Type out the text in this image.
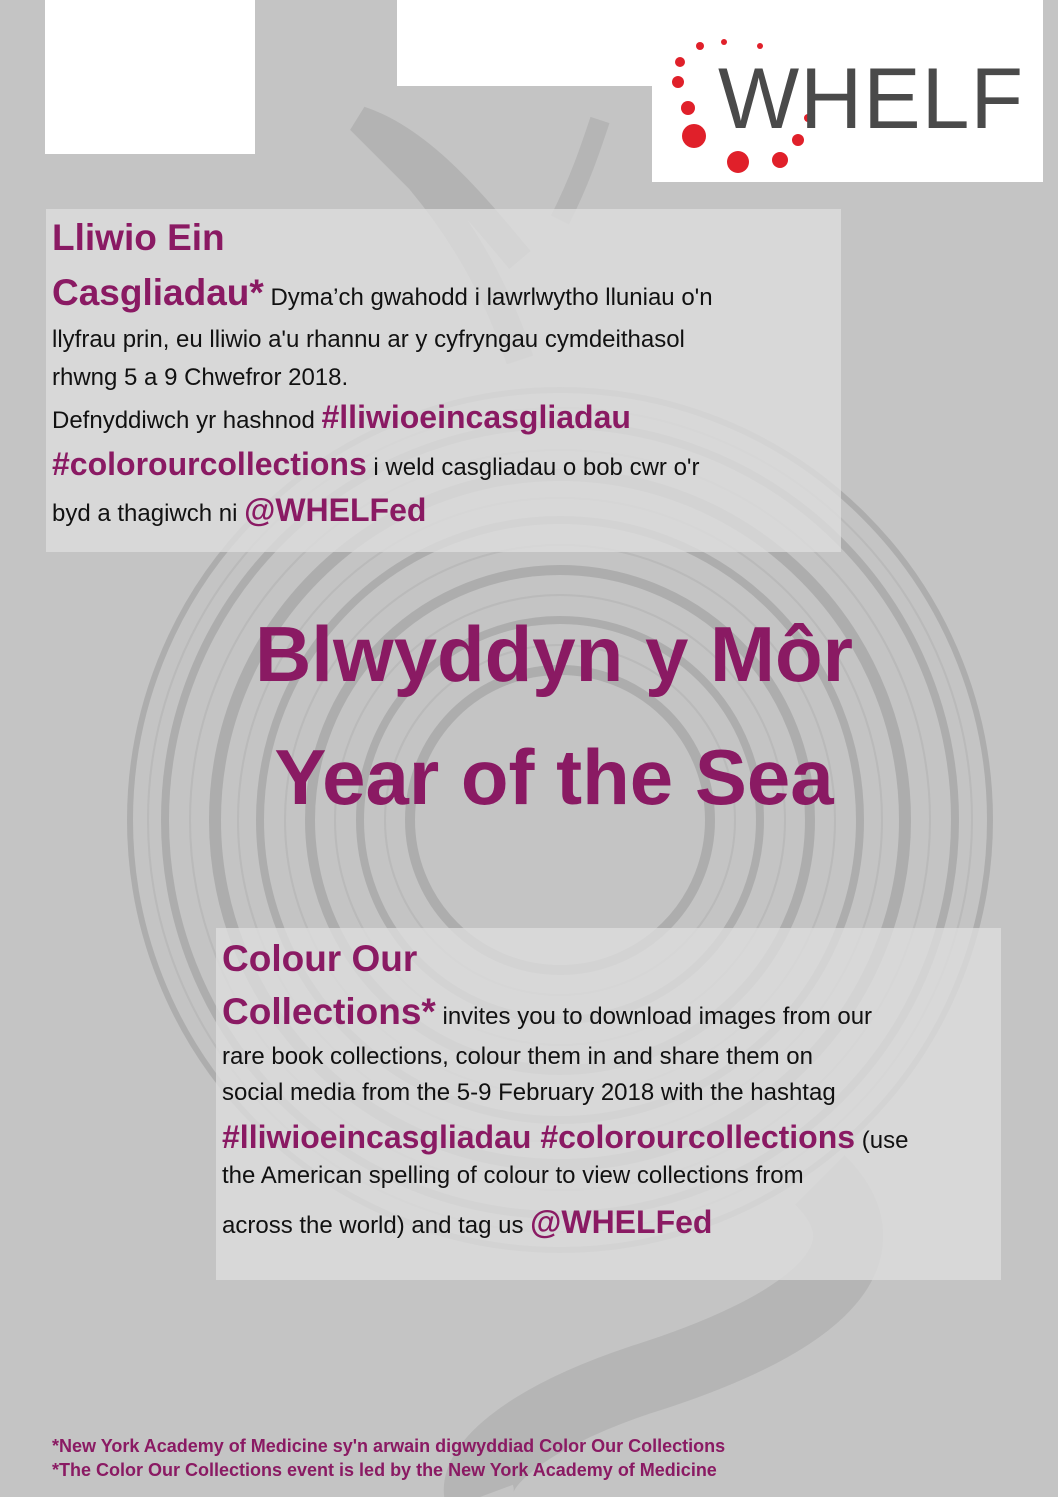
WHELF
Lliwio Ein
Casgliadau* Dyma’ch gwahodd i lawrlwytho lluniau o'n
llyfrau prin, eu lliwio a'u rhannu ar y cyfryngau cymdeithasol
rhwng 5 a 9 Chwefror 2018.
Defnyddiwch yr hashnod #lliwioeincasgliadau
#colorourcollections i weld casgliadau o bob cwr o'r
byd a thagiwch ni @WHELFed
Blwyddyn y Môr
Year of the Sea
Colour Our
Collections* invites you to download images from our
rare book collections, colour them in and share them on
social media from the 5-9 February 2018 with the hashtag
#lliwioeincasgliadau #colorourcollections (use
the American spelling of colour to view collections from
across the world) and tag us @WHELFed
*New York Academy of Medicine sy'n arwain digwyddiad Color Our Collections
*The Color Our Collections event is led by the New York Academy of Medicine
